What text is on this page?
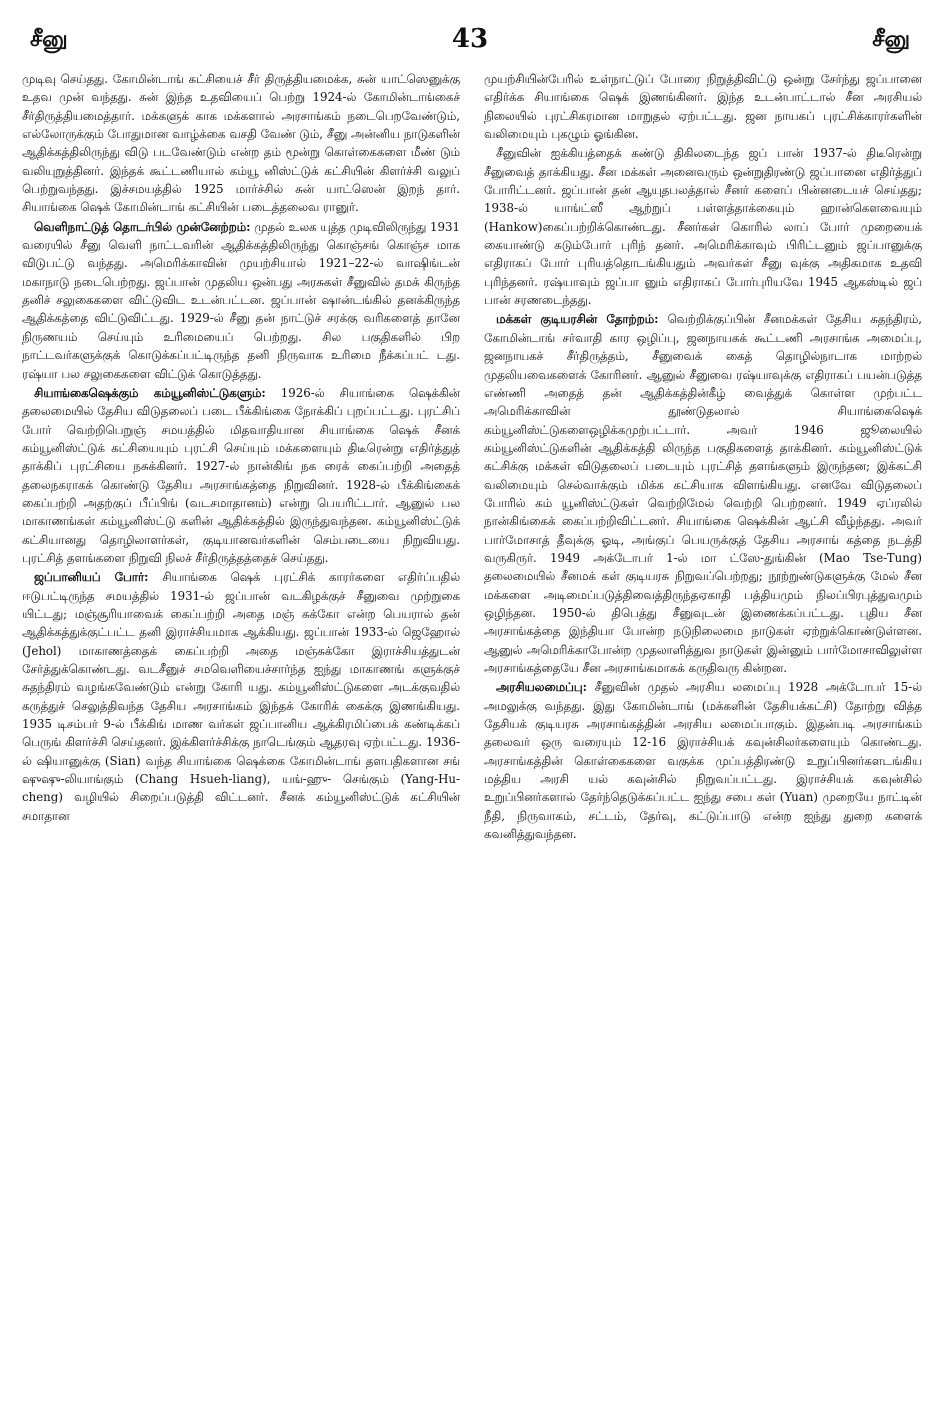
சீனு	43	சீனு

முடிவு செய்தது. கோமின்டாங் கட்சியைச் சீர் திருத்தியமைக்க, சுன் யாட்ஸெனுக்கு உதவ முன் வந்தது. சுன் இந்த உதவியைப் பெற்று 1924-ல் கோமின்டாங்கைச் சீர்திருத்தியமைத்தார். மக்களுக் காக மக்களால் அரசாங்கம் நடைபெறவேண்டும், எல்லோருக்கும் போதுமான வாழ்க்கை வசதி வேண் டும், சீனு அன்னிய நாடுகளின் ஆதிக்கத்திலிருந்து விடு படவேண்டும் என்ற தம் மூன்று கொள்கைகளை மீண் டும் வலியுறுத்தினர். இந்தக் கூட்டணியால் கம்யூ னிஸ்ட்டுக் கட்சியின் கிளர்ச்சி வலுப் பெற்றுவந்தது. இச்சமயத்தில் 1925 மார்ச்சில் சுன் யாட்ஸென் இறந் தார். சியாங்கை ஷெக் கோமின்டாங் கட்சியின் படைத்தலைவ ரானுர்.

வெளிநாட்டுத் தொடர்பில் முன்னேற்றம்: முதல் உலக யுத்த முடிவிலிருந்து 1931 வரையில் சீனு வெளி நாட்டவரின் ஆதிக்கத்திலிருந்து கொஞ்சங் கொஞ்ச மாக விடுபட்டு வந்தது. அமெரிக்காவின் முயற்சியால் 1921–22-ல் வாஷிங்டன் மகாநாடு நடைபெற்றது. ஜப்பான் முதலிய ஒன்பது அரசுகள் சீனுவில் தமக் கிருந்த தனிச் சலுகைகளை விட்டுவிட உடன்பட்டன. ஜப்பான் ஷான்டங்கில் தனக்கிருந்த ஆதிக்கத்தை விட்டுவிட்டது. 1929-ல் சீனு தன் நாட்டுச் சரக்கு வரிகளைத் தானே நிருணயம் செய்யும் உரிமையைப் பெற்றது. சில பகுதிகளில் பிற நாட்டவர்களுக்குக் கொடுக்கப்பட்டிருந்த தனி நிருவாக உரிமை நீக்கப்பட் டது. ரஷ்யா பல சலுகைகளை விட்டுக் கொடுத்தது.

சியாங்கைஷெக்கும் கம்யூனிஸ்ட்டுகளும்: 1926-ல் சியாங்கை ஷெக்கின் தலைமையில் தேசிய விடுதலைப் படை பீக்கிங்கை நோக்கிப் புறப்பட்டது. புரட்சிப் போர் வெற்றிபெறுஞ் சமயத்தில் மிதவாதியான சியாங்கை ஷெக் சீனக் கம்யூனிஸ்ட்டுக் கட்சியையும் புரட்சி செய்யும் மக்களையும் திடீரென்று எதிர்த்துத் தாக்கிப் புரட்சியை நசுக்கினர். 1927-ல் நான்கிங் நக ரைக் கைப்பற்றி அதைத் தலைநகராகக் கொண்டு தேசிய அரசாங்கத்தை நிறுவினர். 1928-ல் பீக்கிங்கைக் கைப்பற்றி அதற்குப் பீப்பிங் (வடசமாதானம்) என்று பெயரிட்டார். ஆனுல் பல மாகாணங்கள் கம்யூனிஸ்ட்டு களின் ஆதிக்கத்தில் இருந்துவந்தன. கம்யூனிஸ்ட்டுக் கட்சியானது தொழிலாளர்கள், குடியானவர்களின் செம்படையை நிறுவியது. புரட்சித் தளங்களை நிறுவி நிலச் சீர்திருத்தத்தைச் செய்தது.

ஜப்பானியப் போர்: சியாங்கை ஷெக் புரட்சிக் காரர்களை எதிர்ப்பதில் ஈடுபட்டிருந்த சமயத்தில் 1931-ல் ஜப்பான் வடகிழக்குச் சீனுவை முற்றுகை யிட்டது; மஞ்சூரியாவைக் கைப்பற்றி அதை மஞ் சுக்கோ என்ற பெயரால் தன் ஆதிக்கத்துக்குட்பட்ட தனி இராச்சியமாக ஆக்கியது. ஜப்பான் 1933-ல் ஜெஹோல் (Jehol) மாகாணத்தைக் கைப்பற்றி அதை மஞ்சுக்கோ இராச்சியத்துடன் சேர்த்துக்கொண்டது. வடசீனுச் சமவெளியைச்சார்ந்த ஐந்து மாகாணங் களுக்குச் சுதந்திரம் வழங்கவேண்டும் என்று கோரி யது. கம்யூனிஸ்ட்டுகளை அடக்குவதில் கருத்துச் செலுத்திவந்த தேசிய அரசாங்கம் இந்தக் கோரிக் கைக்கு இணங்கியது. 1935 டிசம்பர் 9-ல் பீக்கிங் மாண வர்கள் ஜப்பானிய ஆக்கிரமிப்பைக் கண்டிக்கப் பெருங் கிளர்ச்சி செய்தனர். இக்கிளர்ச்சிக்கு நாடெங்கும் ஆதரவு ஏற்பட்டது. 1936-ல் ஷியானுக்கு (Sian) வந்த சியாங்கை ஷெக்கை கோமின்டாங் தளபதிகளான சங் ஷுஷு-லியாங்கும் (Chang Hsueh-liang), யங்-ஹு- செங்கும் (Yang-Hu-cheng) வழியில் சிறைப்படுத்தி விட்டனர். சீனக் கம்யூனிஸ்ட்டுக் கட்சியின் சமாதான

முயற்சியின்பேரில் உள்நாட்டுப் போரை நிறுத்திவிட்டு ஒன்று சேர்ந்து ஜப்பானை எதிர்க்க சியாங்கை ஷெக் இணங்கினர். இந்த உடன்பாட்டால் சீன அரசியல் நிலையில் புரட்சிகரமான மாறுதல் ஏற்பட்டது. ஜன நாயகப் புரட்சிக்காரர்களின் வலிமையும் புகழும் ஓங்கின.

சீனுவின் ஐக்கியத்தைக் கண்டு திகிலடைந்த ஜப் பான் 1937-ல் திடீரென்று சீனுவைத் தாக்கியது. சீன மக்கள் அனைவரும் ஒன்றுதிரண்டு ஜப்பானை எதிர்த்துப் போரிட்டனர். ஜப்பான் தன் ஆயுதபலத்தால் சீனர் களைப் பின்னடையச் செய்தது; 1938-ல் யாங்ட்ஸீ ஆற்றுப் பள்ளத்தாக்கையும் ஹான்கௌவையும் (Hankow)கைப்பற்றிக்கொண்டது. சீனர்கள் கொரில் லாப் போர் முறையைக் கையாண்டு கடும்போர் புரிந் தனர். அமெரிக்காவும் பிரிட்டனும் ஜப்பானுக்கு எதிராகப் போர் புரியத்தொடங்கியதும் அவர்கள் சீனு வுக்கு அதிகமாக உதவி புரிந்தனர். ரஷ்யாவும் ஜப்பா னும் எதிராகப் போர்புரியவே 1945 ஆகஸ்டில் ஜப் பான் சரணடைந்தது.

மக்கள் குடியரசின் தோற்றம்: வெற்றிக்குப்பின் சீனமக்கள் தேசிய சுதந்திரம், கோமின்டாங் சர்வாதி கார ஒழிப்பு, ஜனநாயகக் கூட்டணி அரசாங்க அமைப்பு, ஜனநாயகச் சீர்திருத்தம், சீனுவைக் கைத் தொழில்நாடாக மாற்றல் முதலியவைகளைக் கோரினர். ஆனுல் சீனுவை ரஷ்யாவுக்கு எதிராகப் பயன்படுத்த எண்ணி அதைத் தன் ஆதிக்கத்தின்கீழ் வைத்துக் கொள்ள முற்பட்ட அமெரிக்காவின் தூண்டுதலால் சியாங்கைஷெக் கம்யூனிஸ்ட்டுகளைஒழிக்கமுற்பட்டார். அவர் 1946 ஜூலையில் கம்யூனிஸ்ட்டுகளின் ஆதிக்கத்தி லிருந்த பகுதிகளைத் தாக்கினர். கம்யூனிஸ்ட்டுக் கட்சிக்கு மக்கள் விடுதலைப் படையும் புரட்சித் தளங்களும் இருந்தன; இக்கட்சி வலிமையும் செல்வாக்கும் மிக்க கட்சியாக விளங்கியது. எனவே விடுதலைப் போரில் கம் யூனிஸ்ட்டுகள் வெற்றிமேல் வெற்றி பெற்றனர். 1949 ஏப்ரலில் நான்கிங்கைக் கைப்பற்றிவிட்டனர். சியாங்கை ஷெக்கின் ஆட்சி வீழ்ந்தது. அவர் பார்மோசாத் தீவுக்கு ஓடி, அங்குப் பெயருக்குத் தேசிய அரசாங் கத்தை நடத்தி வருகிருர். 1949 அக்டோபர் 1-ல் மா ட்ஸே-துங்கின் (Mao Tse-Tung) தலைமையில் சீனமக் கள் குடியரசு நிறுவப்பெற்றது; நூற்றுண்டுகளுக்கு மேல் சீன மக்களை அடிமைப்படுத்திவைத்திருந்தஏகாதி பத்தியமும் நிலப்பிரபுத்துவமும் ஒழிந்தன. 1950-ல் திபெத்து சீனுவுடன் இணைக்கப்பட்டது. புதிய சீன அரசாங்கத்தை இந்தியா போன்ற நடுநிலைமை நாடுகள் ஏற்றுக்கொண்டுள்ளன. ஆனுல் அமெரிக்காபோன்ற முதலாளித்துவ நாடுகள் இன்னும் பார்மோசாவிலுள்ள அரசாங்கத்தையே சீன அரசாங்கமாகக் கருதிவரு கின்றன.

அரசியலமைப்பு: சீனுவின் முதல் அரசிய லமைப்பு 1928 அக்டோபர் 15-ல் அமலுக்கு வந்தது. இது கோமின்டாங் (மக்களின் தேசியக்கட்சி) தோற்று வித்த தேசியக் குடியரசு அரசாங்கத்தின் அரசிய லமைப்பாகும். இதன்படி அரசாங்கம் தலைவர் ஒரு வரையும் 12-16 இராச்சியக் கவுன்சிலர்களையும் கொண்டது. அரசாங்கத்தின் கொள்கைகளை வகுக்க முப்பத்திரண்டு உறுப்பினர்களடங்கிய மத்திய அரசி யல் கவுன்சில் நிறுவப்பட்டது. இராச்சியக் கவுன்சில் உறுப்பினர்களால் தேர்ந்தெடுக்கப்பட்ட ஐந்து சபை கள் (Yuan) முறையே நாட்டின் நீதி, நிருவாகம், சட்டம், தேர்வு, கட்டுப்பாடு என்ற ஐந்து துறை களைக் கவனித்துவந்தன.
